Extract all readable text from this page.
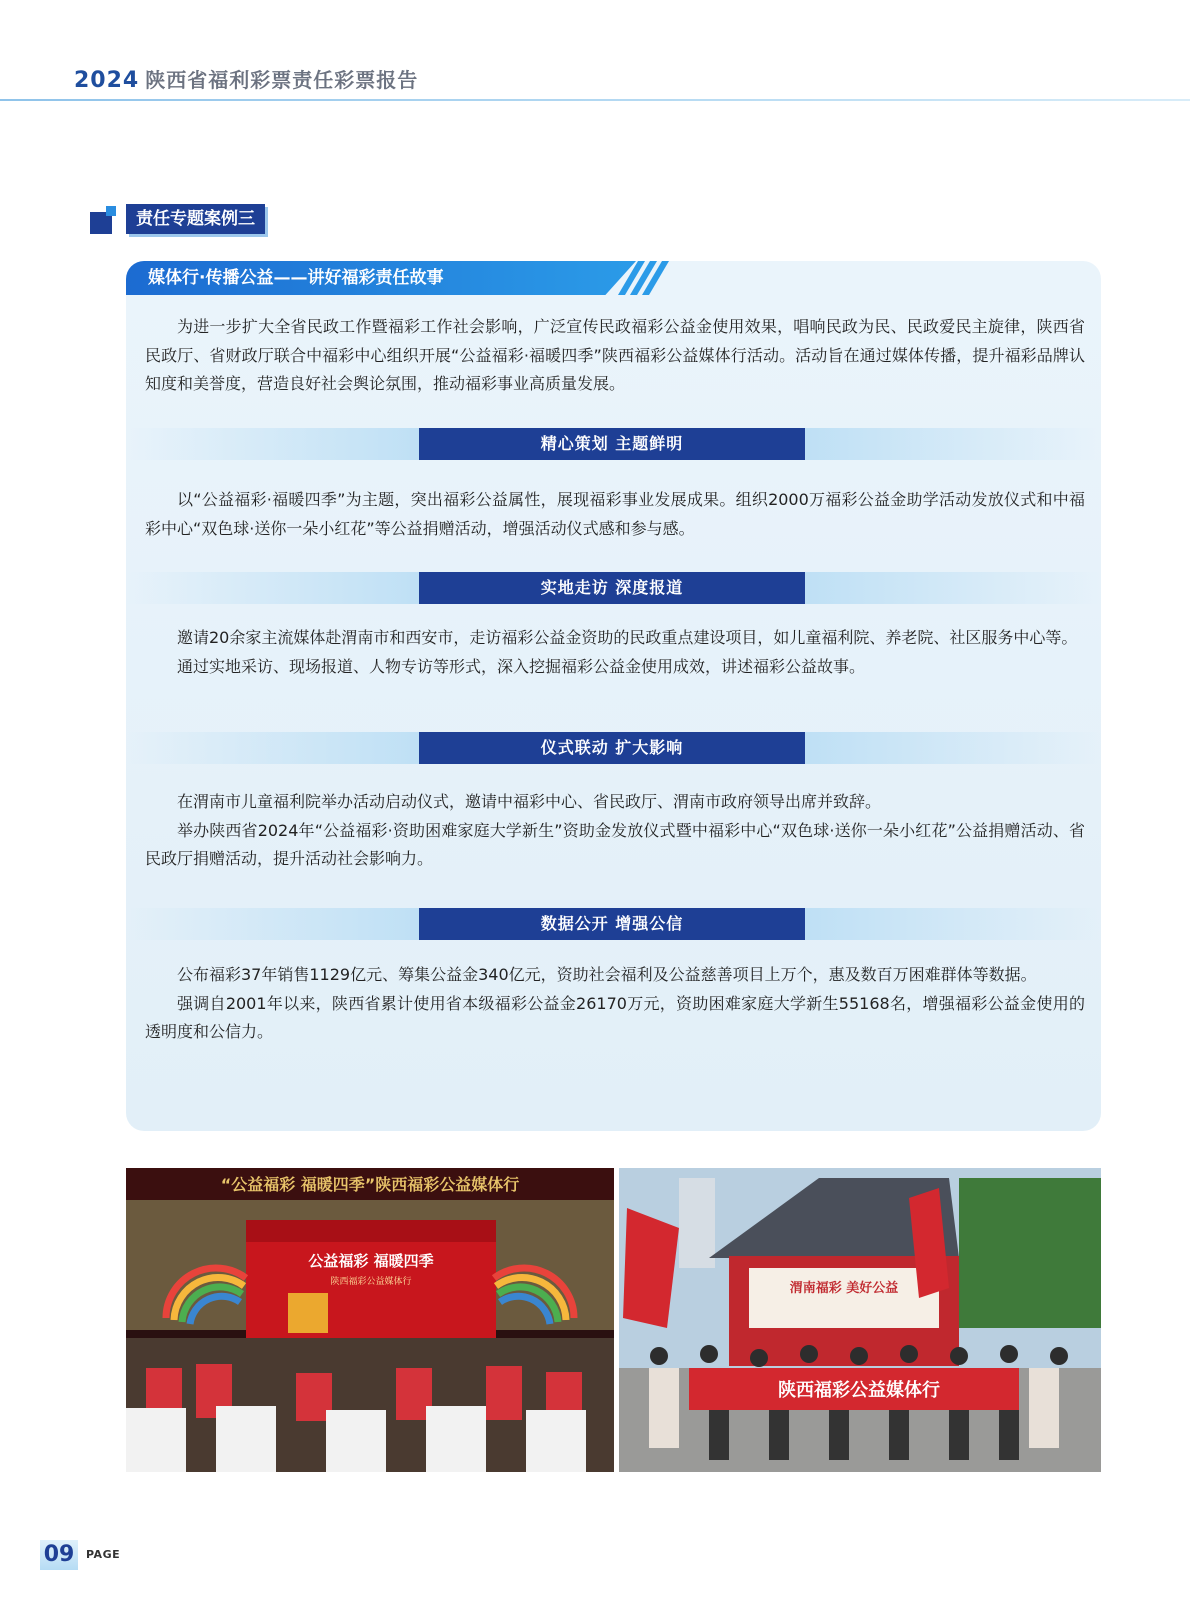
2024 陕西省福利彩票责任彩票报告
责任专题案例三
媒体行·传播公益——讲好福彩责任故事

为进一步扩大全省民政工作暨福彩工作社会影响，广泛宣传民政福彩公益金使用效果，唱响民政为民、民政爱民主旋律，陕西省民政厅、省财政厅联合中福彩中心组织开展“公益福彩·福暖四季”陕西福彩公益媒体行活动。活动旨在通过媒体传播，提升福彩品牌认知度和美誉度，营造良好社会舆论氛围，推动福彩事业高质量发展。

精心策划 主题鲜明

以“公益福彩·福暖四季”为主题，突出福彩公益属性，展现福彩事业发展成果。组织2000万福彩公益金助学活动发放仪式和中福彩中心“双色球·送你一朵小红花”等公益捐赠活动，增强活动仪式感和参与感。

实地走访 深度报道

邀请20余家主流媒体赴渭南市和西安市，走访福彩公益金资助的民政重点建设项目，如儿童福利院、养老院、社区服务中心等。

通过实地采访、现场报道、人物专访等形式，深入挖掘福彩公益金使用成效，讲述福彩公益故事。

仪式联动 扩大影响

在渭南市儿童福利院举办活动启动仪式，邀请中福彩中心、省民政厅、渭南市政府领导出席并致辞。

举办陕西省2024年“公益福彩·资助困难家庭大学新生”资助金发放仪式暨中福彩中心“双色球·送你一朵小红花”公益捐赠活动、省民政厅捐赠活动，提升活动社会影响力。

数据公开 增强公信

公布福彩37年销售1129亿元、筹集公益金340亿元，资助社会福利及公益慈善项目上万个，惠及数百万困难群体等数据。

强调自2001年以来，陕西省累计使用省本级福彩公益金26170万元，资助困难家庭大学新生55168名，增强福彩公益金使用的透明度和公信力。

公益福彩 福暖四季
陕西福彩公益媒体行
“公益福彩 福暖四季”陕西福彩公益媒体行
渭南福彩 美好公益
陕西福彩公益媒体行
09	PAGE
